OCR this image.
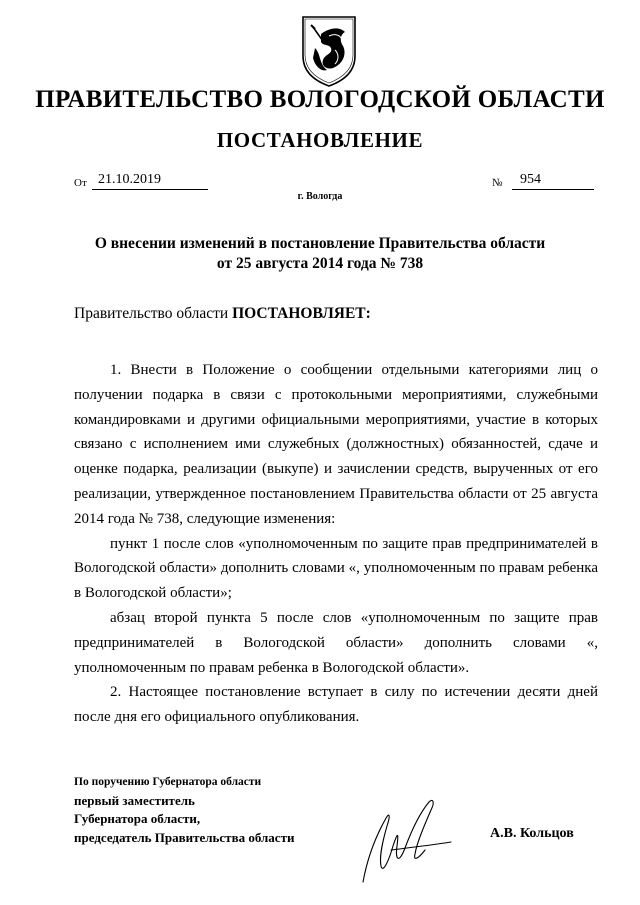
ПРАВИТЕЛЬСТВО ВОЛОГОДСКОЙ ОБЛАСТИ
ПОСТАНОВЛЕНИЕ
От 21.10.2019	№	954
г. Вологда
О внесении изменений в постановление Правительства области
от 25 августа 2014 года № 738
Правительство области ПОСТАНОВЛЯЕТ:

1. Внести в Положение о сообщении отдельными категориями лиц о получении подарка в связи с протокольными мероприятиями, служебными командировками и другими официальными мероприятиями, участие в которых связано с исполнением ими служебных (должностных) обязанностей, сдаче и оценке подарка, реализации (выкупе) и зачислении средств, вырученных от его реализации, утвержденное постановлением Правительства области от 25 августа 2014 года № 738, следующие изменения:

пункт 1 после слов «уполномоченным по защите прав предпринимателей в Вологодской области» дополнить словами «, уполномоченным по правам ребенка в Вологодской области»;

абзац второй пункта 5 после слов «уполномоченным по защите прав предпринимателей в Вологодской области» дополнить словами «, уполномоченным по правам ребенка в Вологодской области».

2. Настоящее постановление вступает в силу по истечении десяти дней после дня его официального опубликования.

По поручению Губернатора области
первый заместитель
Губернатора области,
председатель Правительства области	А.В. Кольцов
